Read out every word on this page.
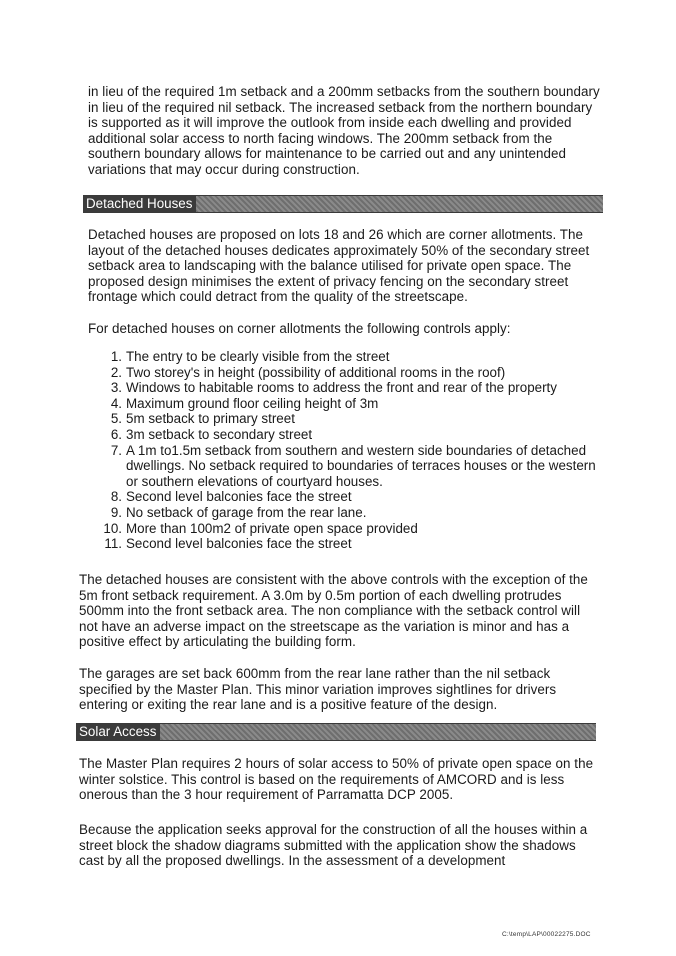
in lieu of the required 1m setback and a 200mm setbacks from the southern boundary in lieu of the required nil setback. The increased setback from the northern boundary is supported as it will improve the outlook from inside each dwelling and provided additional solar access to north facing windows. The 200mm setback from the southern boundary allows for maintenance to be carried out and any unintended variations that may occur during construction.

Detached Houses

Detached houses are proposed on lots 18 and 26 which are corner allotments. The layout of the detached houses dedicates approximately 50% of the secondary street setback area to landscaping with the balance utilised for private open space. The proposed design minimises the extent of privacy fencing on the secondary street frontage which could detract from the quality of the streetscape.

For detached houses on corner allotments the following controls apply:

1. The entry to be clearly visible from the street
2. Two storey's in height (possibility of additional rooms in the roof)
3. Windows to habitable rooms to address the front and rear of the property
4. Maximum ground floor ceiling height of 3m
5. 5m setback to primary street
6. 3m setback to secondary street
7. A 1m to1.5m setback from southern and western side boundaries of detached dwellings. No setback required to boundaries of terraces houses or the western or southern elevations of courtyard houses.
8. Second level balconies face the street
9. No setback of garage from the rear lane.
10. More than 100m2 of private open space provided
11. Second level balconies face the street

The detached houses are consistent with the above controls with the exception of the 5m front setback requirement. A 3.0m by 0.5m portion of each dwelling protrudes 500mm into the front setback area. The non compliance with the setback control will not have an adverse impact on the streetscape as the variation is minor and has a positive effect by articulating the building form.

The garages are set back 600mm from the rear lane rather than the nil setback specified by the Master Plan. This minor variation improves sightlines for drivers entering or exiting the rear lane and is a positive feature of the design.

Solar Access

The Master Plan requires 2 hours of solar access to 50% of private open space on the winter solstice. This control is based on the requirements of AMCORD and is less onerous than the 3 hour requirement of Parramatta DCP 2005.

Because the application seeks approval for the construction of all the houses within a street block the shadow diagrams submitted with the application show the shadows cast by all the proposed dwellings. In the assessment of a development

C:\temp\LAP\00022275.DOC
